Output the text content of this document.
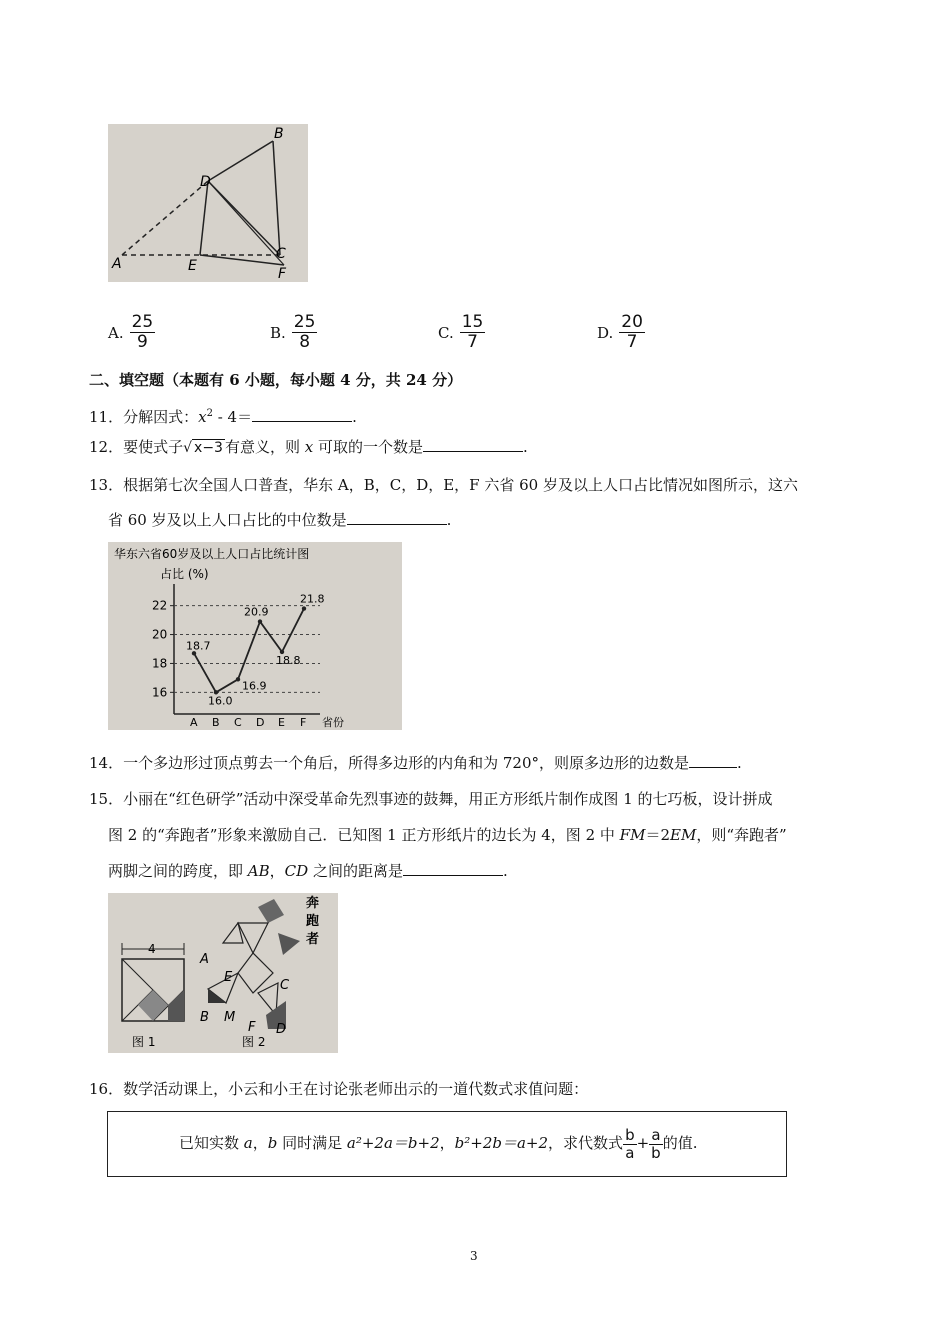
A
B
C
D
E	F
A. $\frac{25}{9}$	B. $\frac{25}{8}$	C. $\frac{15}{7}$	D. $\frac{20}{7}$
二、填空题（本题有 6 小题，每小题 4 分，共 24 分）
11．分解因式：$x^2 - 4=$	.
12．要使式子√ x−3 有意义，则 x 可取的一个数是	.
13．根据第七次全国人口普查，华东 A，B，C，D，E，F 六省 60 岁及以上人口占比情况如图所示，这六
省 60 岁及以上人口占比的中位数是	.
华东六省60岁及以上人口占比统计图
占比 (%)
省份
16
18
20
22
18.7
16.0
16.9
20.9
18.8
21.8
A B C D E F
14．一个多边形过顶点剪去一个角后，所得多边形的内角和为 720°，则原多边形的边数是	.
15．小丽在“红色研学”活动中深受革命先烈事迹的鼓舞，用正方形纸片制作成图 1 的七巧板，设计拼成
图 2 的“奔跑者”形象来激励自己．已知图 1 正方形纸片的边长为 4，图 2 中 FM＝2EM，则“奔跑者”
两脚之间的跨度，即 AB，CD 之间的距离是	.
4
图 1
A
E
B M
C
F D
奔
跑
者
图 2
16．数学活动课上，小云和小王在讨论张老师出示的一道代数式求值问题：
已知实数 a，b 同时满足 a²+2a＝b+2，b²+2b＝a+2，求代数式 $\frac{b}{a} + \frac{a}{b}$ 的值.
3
